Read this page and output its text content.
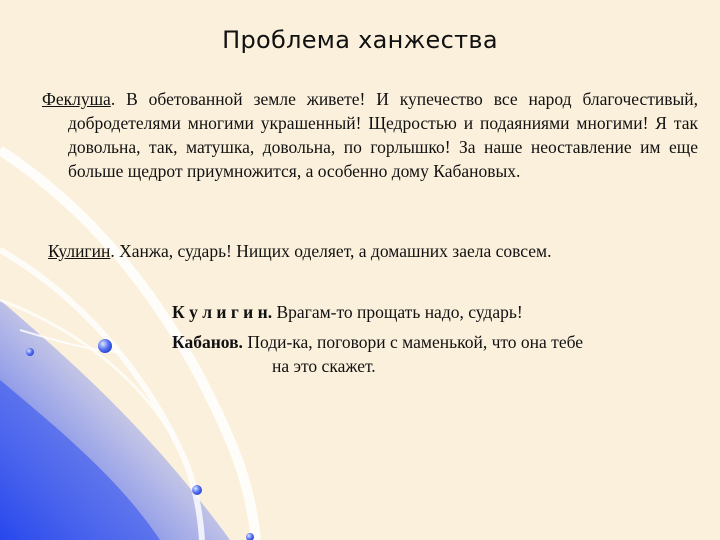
Проблема ханжества
Феклуша. В обетованной земле живете! И купечество все народ благочестивый, добродетелями многими украшенный! Щедростью и подаяниями многими! Я так довольна, так, матушка, довольна, по горлышко! За наше неоставление им еще больше щедрот приумножится, а особенно дому Кабановых.
Кулигин. Ханжа, сударь! Нищих оделяет, а домашних заела совсем.
К у л и г и н. Врагам-то прощать надо, сударь!
Кабанов. Поди-ка, поговори с маменькой, что она тебе
на это скажет.
